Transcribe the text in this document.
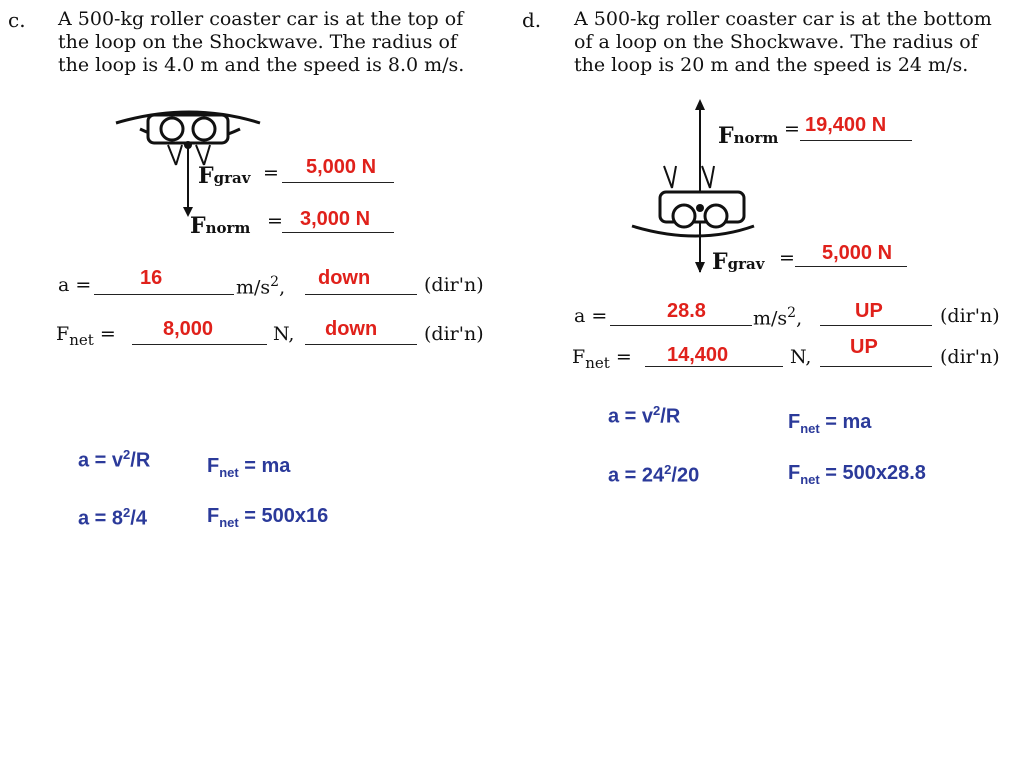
c. A 500-kg roller coaster car is at the top of
the loop on the Shockwave. The radius of
the loop is 4.0 m and the speed is 8.0 m/s.
Fgrav = 5,000 N
Fnorm = 3,000 N
a = 16	$m/s^2$, down	(dir'n)
$F_{net} = 8,000$	N, down (dir'n)
$a = v^2/R$
$a = 8^2/4$
$F_{net}$ = ma
$F_{net} = 500x16$
d. A 500-kg roller coaster car is at the bottom
of a loop on the Shockwave. The radius of
the loop is 20 m and the speed is 24 m/s.
Fnorm = 19,400 N
Fgrav = 5,000 N
a =	28.8 $m/s^2$,	UP	(dir'n)
$F_{net} = 14,400$	N, UP	(dir'n)
$a = v^2/R$
$a = 24^2/20$
$F_{net}$ = ma
$F_{net} = 500x28.8$
